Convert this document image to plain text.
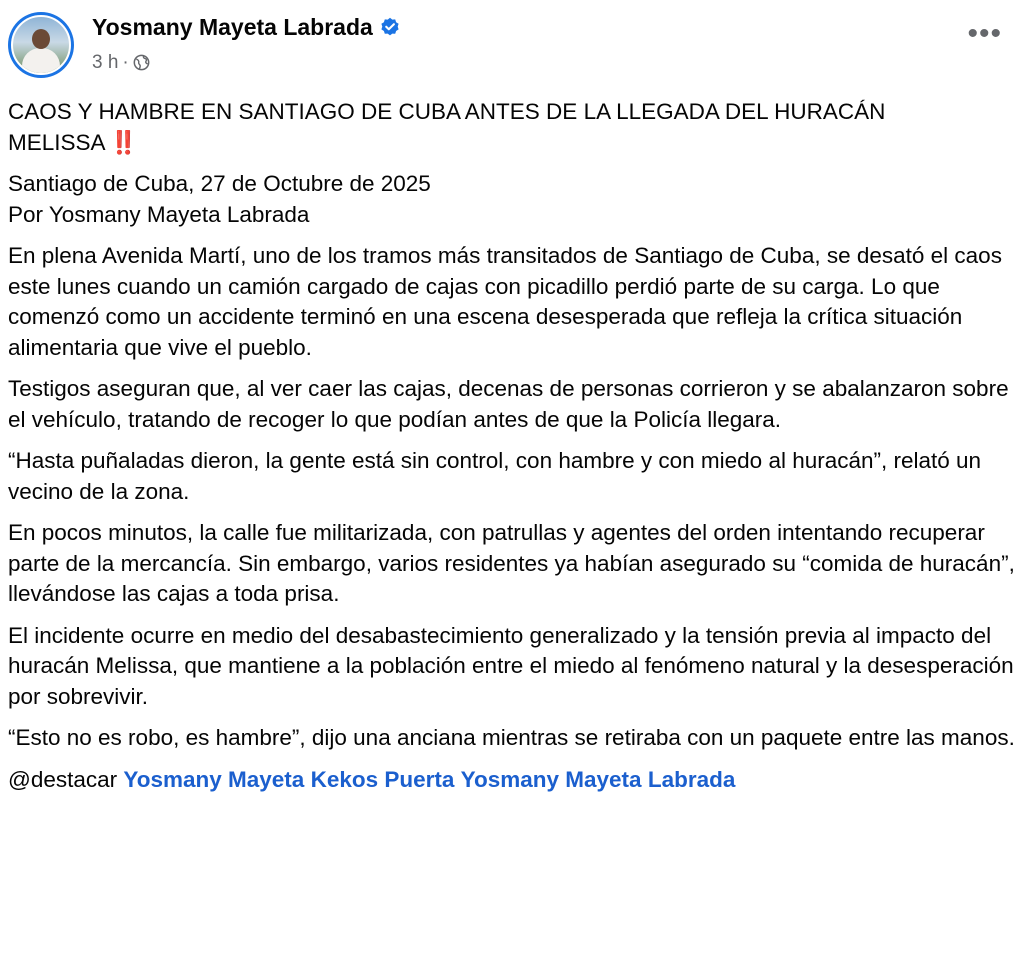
Yosmany Mayeta Labrada
3 h ·
•••

CAOS Y HAMBRE EN SANTIAGO DE CUBA ANTES DE LA LLEGADA DEL HURACÁN MELISSA ‼️

Santiago de Cuba, 27 de Octubre de 2025
Por Yosmany Mayeta Labrada

En plena Avenida Martí, uno de los tramos más transitados de Santiago de Cuba, se desató el caos este lunes cuando un camión cargado de cajas con picadillo perdió parte de su carga. Lo que comenzó como un accidente terminó en una escena desesperada que refleja la crítica situación alimentaria que vive el pueblo.

Testigos aseguran que, al ver caer las cajas, decenas de personas corrieron y se abalanzaron sobre el vehículo, tratando de recoger lo que podían antes de que la Policía llegara.

“Hasta puñaladas dieron, la gente está sin control, con hambre y con miedo al huracán”, relató un vecino de la zona.

En pocos minutos, la calle fue militarizada, con patrullas y agentes del orden intentando recuperar parte de la mercancía. Sin embargo, varios residentes ya habían asegurado su “comida de huracán”, llevándose las cajas a toda prisa.

El incidente ocurre en medio del desabastecimiento generalizado y la tensión previa al impacto del huracán Melissa, que mantiene a la población entre el miedo al fenómeno natural y la desesperación por sobrevivir.

“Esto no es robo, es hambre”, dijo una anciana mientras se retiraba con un paquete entre las manos.

@destacar Yosmany Mayeta Kekos Puerta Yosmany Mayeta Labrada
